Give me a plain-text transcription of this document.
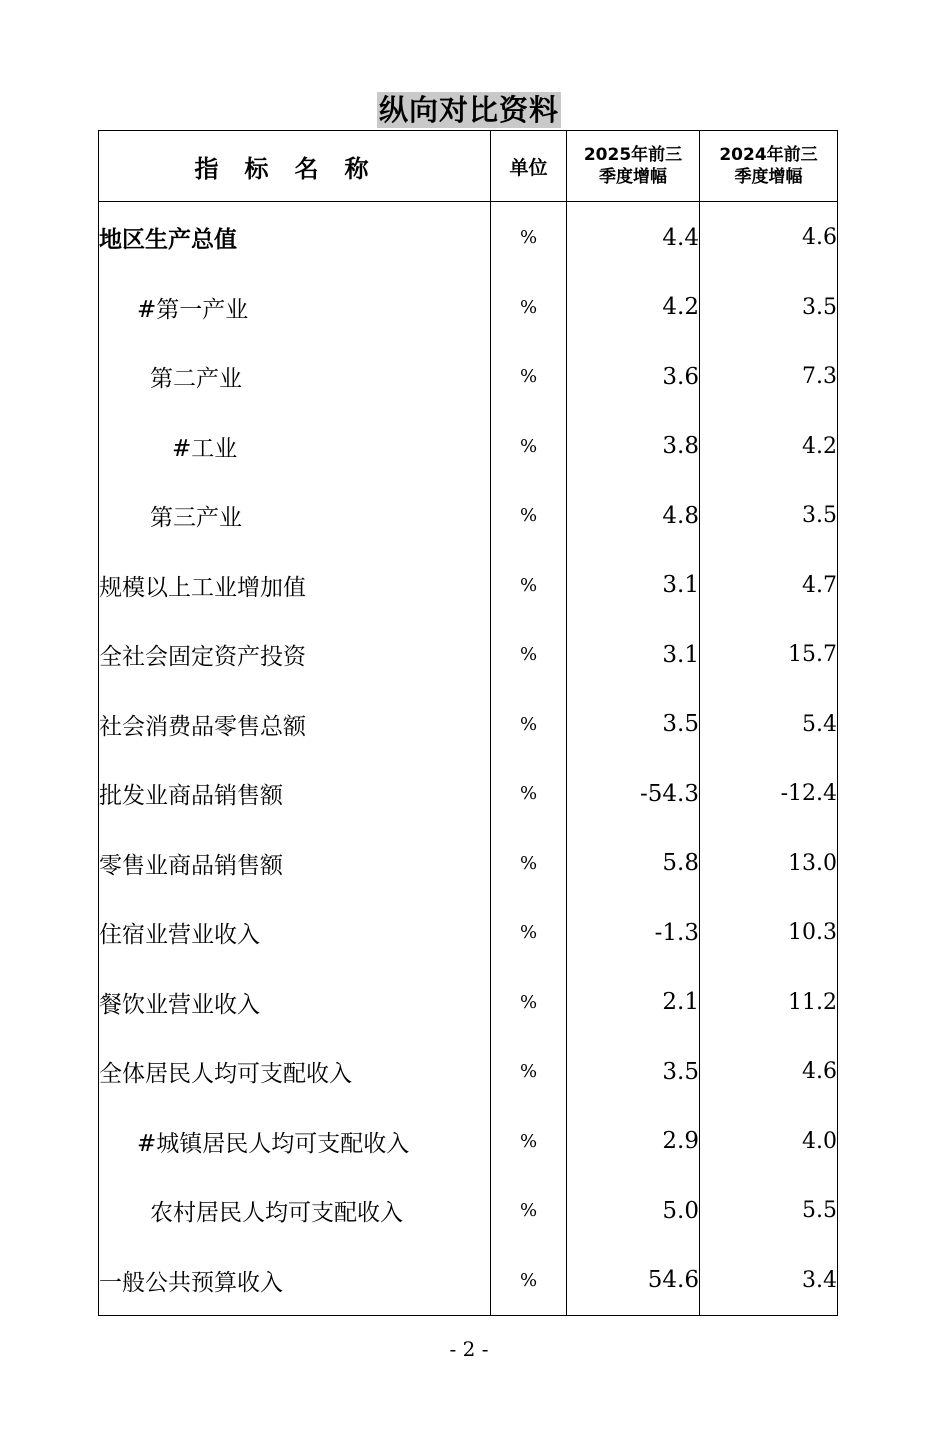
纵向对比资料
指标名称	单位	2025年前三季度增幅	2024年前三季度增幅

地区生产总值	%	4.4	4.6
#第一产业	%	4.2	3.5
第二产业	%	3.6	7.3
#工业	%	3.8	4.2
第三产业	%	4.8	3.5
规模以上工业增加值	%	3.1	4.7
全社会固定资产投资	%	3.1	15.7
社会消费品零售总额	%	3.5	5.4
批发业商品销售额	%	-54.3	-12.4
零售业商品销售额	%	5.8	13.0
住宿业营业收入	%	-1.3	10.3
餐饮业营业收入	%	2.1	11.2
全体居民人均可支配收入	%	3.5	4.6
#城镇居民人均可支配收入	%	2.9	4.0
农村居民人均可支配收入	%	5.0	5.5
一般公共预算收入	%	54.6	3.4
- 2 -
